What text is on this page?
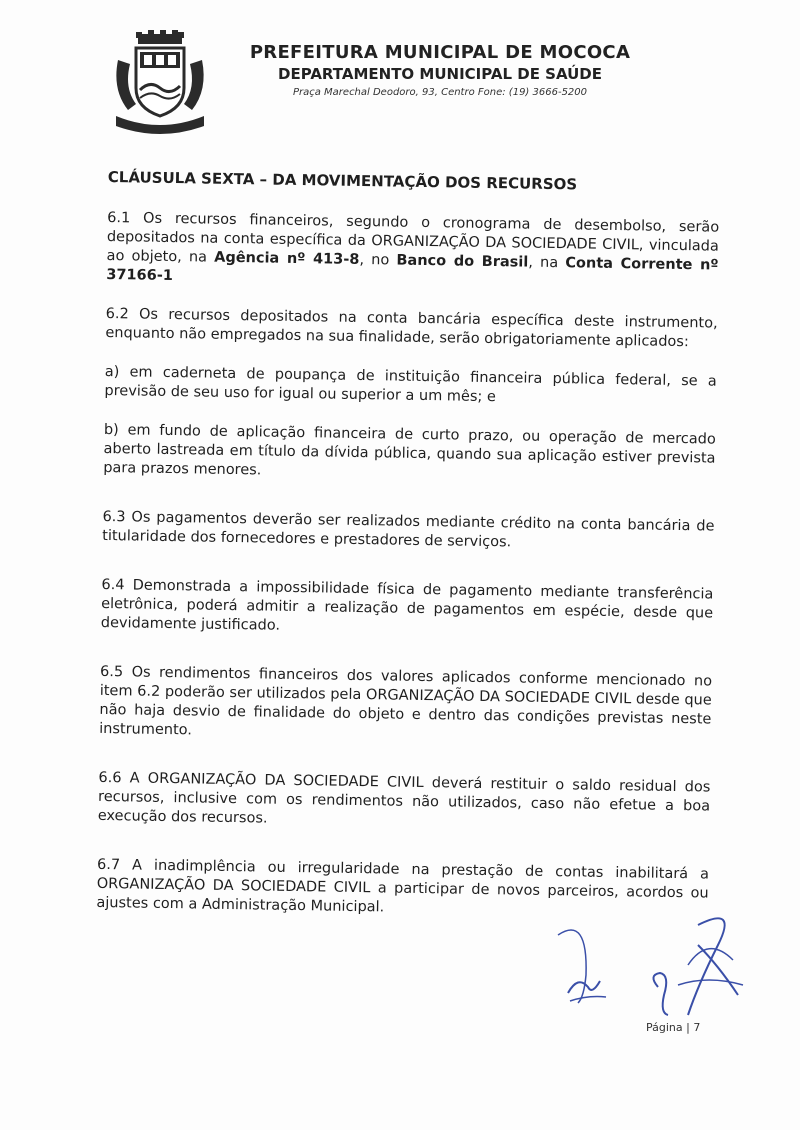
PREFEITURA MUNICIPAL DE MOCOCA
DEPARTAMENTO MUNICIPAL DE SAÚDE
Praça Marechal Deodoro, 93, Centro Fone: (19) 3666-5200
CLÁUSULA SEXTA – DA MOVIMENTAÇÃO DOS RECURSOS

6.1 Os recursos financeiros, segundo o cronograma de desembolso, serão depositados na conta específica da ORGANIZAÇÃO DA SOCIEDADE CIVIL, vinculada ao objeto, na Agência nº 413-8, no Banco do Brasil, na Conta Corrente nº 37166-1

6.2 Os recursos depositados na conta bancária específica deste instrumento, enquanto não empregados na sua finalidade, serão obrigatoriamente aplicados:

a) em caderneta de poupança de instituição financeira pública federal, se a previsão de seu uso for igual ou superior a um mês; e

b) em fundo de aplicação financeira de curto prazo, ou operação de mercado aberto lastreada em título da dívida pública, quando sua aplicação estiver prevista para prazos menores.

6.3 Os pagamentos deverão ser realizados mediante crédito na conta bancária de titularidade dos fornecedores e prestadores de serviços.

6.4 Demonstrada a impossibilidade física de pagamento mediante transferência eletrônica, poderá admitir a realização de pagamentos em espécie, desde que devidamente justificado.

6.5 Os rendimentos financeiros dos valores aplicados conforme mencionado no item 6.2 poderão ser utilizados pela ORGANIZAÇÃO DA SOCIEDADE CIVIL desde que não haja desvio de finalidade do objeto e dentro das condições previstas neste instrumento.

6.6 A ORGANIZAÇÃO DA SOCIEDADE CIVIL deverá restituir o saldo residual dos recursos, inclusive com os rendimentos não utilizados, caso não efetue a boa execução dos recursos.

6.7 A inadimplência ou irregularidade na prestação de contas inabilitará a ORGANIZAÇÃO DA SOCIEDADE CIVIL a participar de novos parceiros, acordos ou ajustes com a Administração Municipal.

Página | 7
